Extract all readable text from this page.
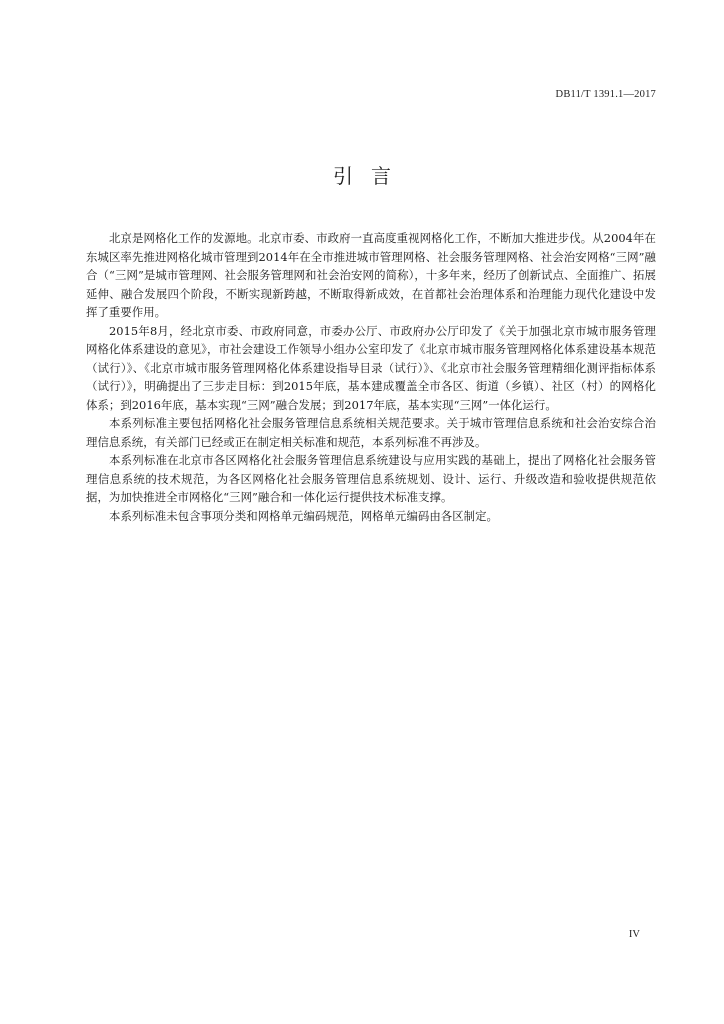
DB11/T 1391.1—2017
引言

北京是网格化工作的发源地。北京市委、市政府一直高度重视网格化工作，不断加大推进步伐。从2004年在东城区率先推进网格化城市管理到2014年在全市推进城市管理网格、社会服务管理网格、社会治安网格“三网”融合（“三网”是城市管理网、社会服务管理网和社会治安网的简称），十多年来，经历了创新试点、全面推广、拓展延伸、融合发展四个阶段，不断实现新跨越，不断取得新成效，在首都社会治理体系和治理能力现代化建设中发挥了重要作用。

2015年8月，经北京市委、市政府同意，市委办公厅、市政府办公厅印发了《关于加强北京市城市服务管理网格化体系建设的意见》，市社会建设工作领导小组办公室印发了《北京市城市服务管理网格化体系建设基本规范（试行）》、《北京市城市服务管理网格化体系建设指导目录（试行）》、《北京市社会服务管理精细化测评指标体系（试行）》，明确提出了三步走目标：到2015年底，基本建成覆盖全市各区、街道（乡镇）、社区（村）的网格化体系；到2016年底，基本实现“三网”融合发展；到2017年底，基本实现“三网”一体化运行。

本系列标准主要包括网格化社会服务管理信息系统相关规范要求。关于城市管理信息系统和社会治安综合治理信息系统，有关部门已经或正在制定相关标准和规范，本系列标准不再涉及。

本系列标准在北京市各区网格化社会服务管理信息系统建设与应用实践的基础上，提出了网格化社会服务管理信息系统的技术规范，为各区网格化社会服务管理信息系统规划、设计、运行、升级改造和验收提供规范依据，为加快推进全市网格化“三网”融合和一体化运行提供技术标准支撑。

本系列标准未包含事项分类和网格单元编码规范，网格单元编码由各区制定。

IV
